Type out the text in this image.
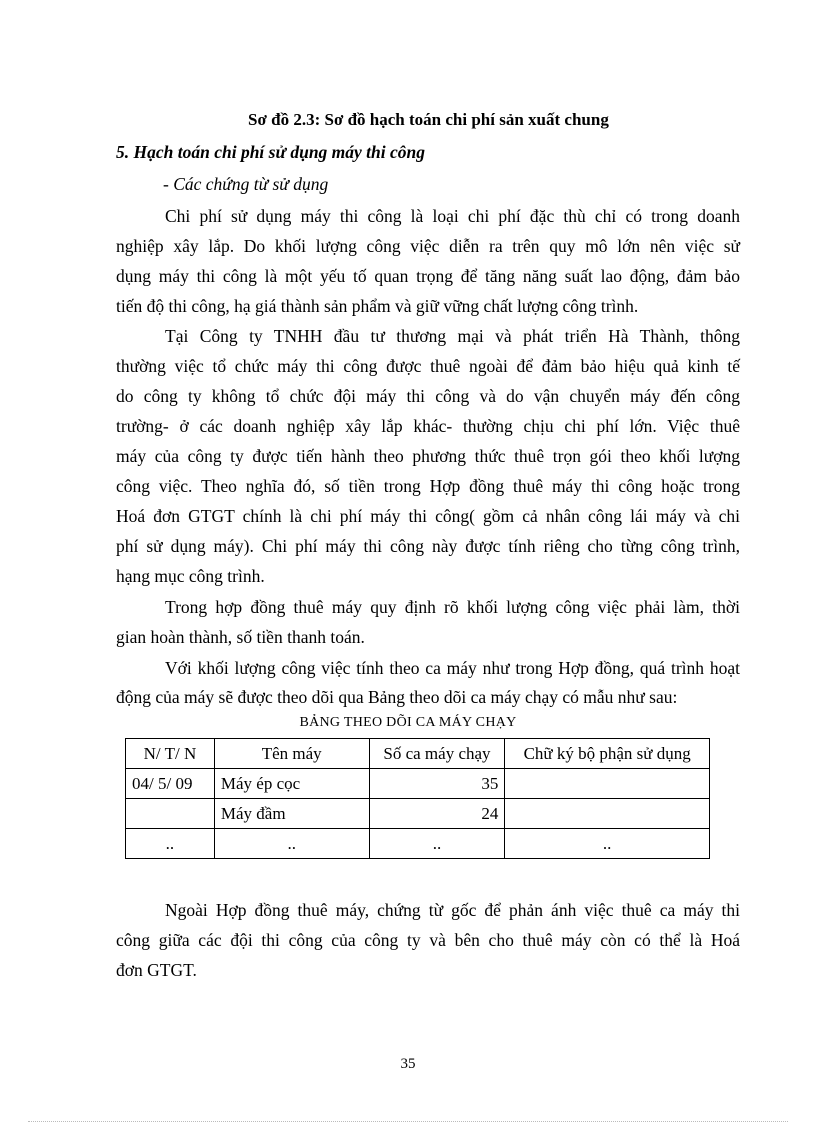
Sơ đồ 2.3: Sơ đồ hạch toán chi phí sản xuất chung
5. Hạch toán chi phí sử dụng máy thi công
- Các chứng từ sử dụng
Chi phí sử dụng máy thi công là loại chi phí đặc thù chỉ có trong doanh
nghiệp xây lắp. Do khối lượng công việc diễn ra trên quy mô lớn nên việc sử
dụng máy thi công là một yếu tố quan trọng để tăng năng suất lao động, đảm bảo
tiến độ thi công, hạ giá thành sản phẩm và giữ vững chất lượng công trình.
Tại Công ty TNHH đầu tư thương mại và phát triển Hà Thành, thông
thường việc tổ chức máy thi công được thuê ngoài để đảm bảo hiệu quả kinh tế
do công ty không tổ chức đội máy thi công và do vận chuyển máy đến công
trường- ở các doanh nghiệp xây lắp khác- thường chịu chi phí lớn. Việc thuê
máy của công ty được tiến hành theo phương thức thuê trọn gói theo khối lượng
công việc. Theo nghĩa đó, số tiền trong Hợp đồng thuê máy thi công hoặc trong
Hoá đơn GTGT chính là chi phí máy thi công( gồm cả nhân công lái máy và chi
phí sử dụng máy). Chi phí máy thi công này được tính riêng cho từng công trình,
hạng mục công trình.
Trong hợp đồng thuê máy quy định rõ khối lượng công việc phải làm, thời
gian hoàn thành, số tiền thanh toán.
Với khối lượng công việc tính theo ca máy như trong Hợp đồng, quá trình hoạt
động của máy sẽ được theo dõi qua Bảng theo dõi ca máy chạy có mẫu như sau:
BẢNG THEO DÕI CA MÁY CHẠY
N/ T/ N	Tên máy	Số ca máy chạy	Chữ ký bộ phận sử dụng
04/ 5/ 09	Máy ép cọc	35	
	Máy đầm	24	
..	..	..	..
Ngoài Hợp đồng thuê máy, chứng từ gốc để phản ánh việc thuê ca máy thi
công giữa các đội thi công của công ty và bên cho thuê máy còn có thể là Hoá
đơn GTGT.
35
